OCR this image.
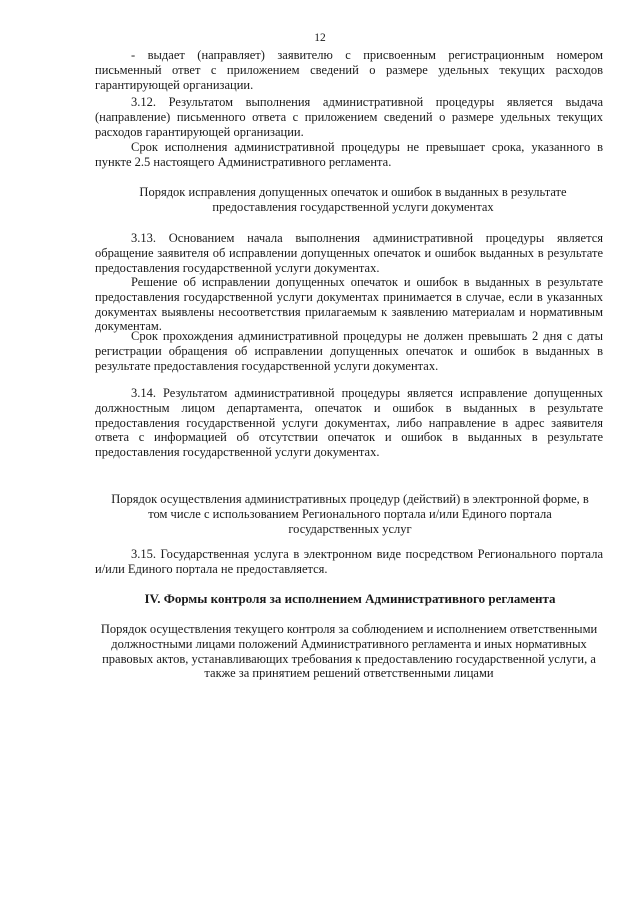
12

- выдает (направляет) заявителю с присвоенным регистрационным номером письменный ответ с приложением сведений о размере удельных текущих расходов гарантирующей организации.

3.12. Результатом выполнения административной процедуры является выдача (направление) письменного ответа с приложением сведений о размере удельных текущих расходов гарантирующей организации.

Срок исполнения административной процедуры не превышает срока, указанного в пункте 2.5 настоящего Административного регламента.

Порядок исправления допущенных опечаток и ошибок в выданных в результате предоставления государственной услуги документах

3.13. Основанием начала выполнения административной процедуры является обращение заявителя об исправлении допущенных опечаток и ошибок выданных в результате предоставления государственной услуги документах.

Решение об исправлении допущенных опечаток и ошибок в выданных в результате предоставления государственной услуги документах принимается в случае, если в указанных документах выявлены несоответствия прилагаемым к заявлению материалам и нормативным документам.

Срок прохождения административной процедуры не должен превышать 2 дня с даты регистрации обращения об исправлении допущенных опечаток и ошибок в выданных в результате предоставления государственной услуги документах.

3.14. Результатом административной процедуры является исправление допущенных должностным лицом департамента, опечаток и ошибок в выданных в результате предоставления государственной услуги документах, либо направление в адрес заявителя ответа с информацией об отсутствии опечаток и ошибок в выданных в результате предоставления государственной услуги документах.

Порядок осуществления административных процедур (действий) в электронной форме, в том числе с использованием Регионального портала и/или Единого портала государственных услуг

3.15. Государственная услуга в электронном виде посредством Регионального портала и/или Единого портала не предоставляется.

IV. Формы контроля за исполнением Административного регламента

Порядок осуществления текущего контроля за соблюдением и исполнением ответственными должностными лицами положений Административного регламента и иных нормативных правовых актов, устанавливающих требования к предоставлению государственной услуги, а также за принятием решений ответственными лицами
